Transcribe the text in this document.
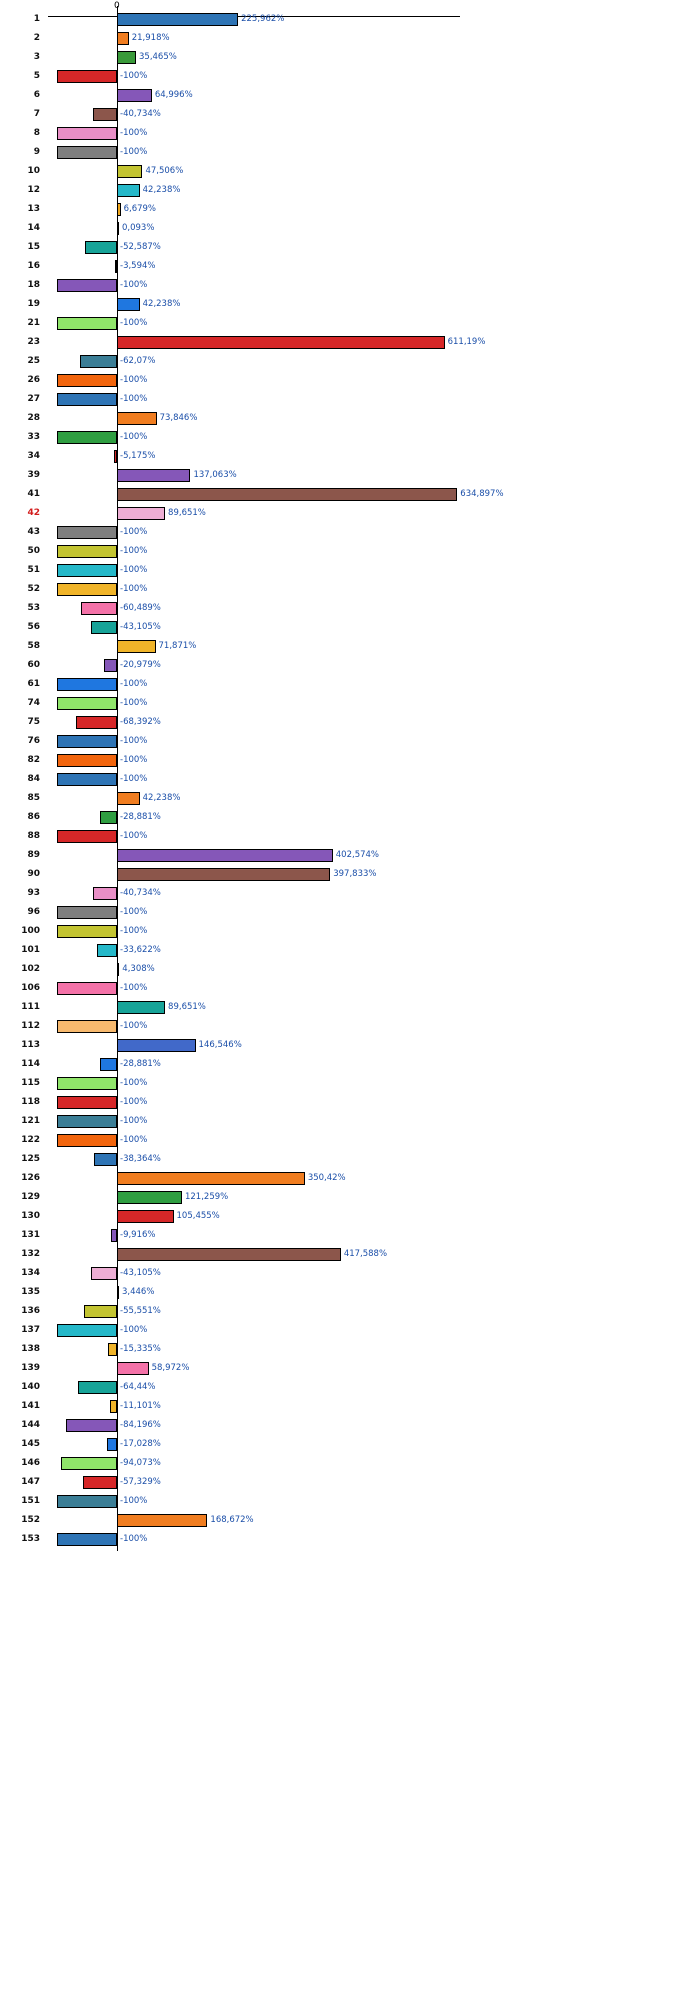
0
1	225,962%
2	21,918%
3	35,465%
5	-100%
6	64,996%
7	-40,734%
8	-100%
9	-100%
10	47,506%
12	42,238%
13	6,679%
14	0,093%
15	-52,587%
16	-3,594%
18	-100%
19	42,238%
21	-100%
23	611,19%
25	-62,07%
26	-100%
27	-100%
28	73,846%
33	-100%
34	-5,175%
39	137,063%
41	634,897%
42	89,651%
43	-100%
50	-100%
51	-100%
52	-100%
53	-60,489%
56	-43,105%
58	71,871%
60	-20,979%
61	-100%
74	-100%
75	-68,392%
76	-100%
82	-100%
84	-100%
85	42,238%
86	-28,881%
88	-100%
89	402,574%
90	397,833%
93	-40,734%
96	-100%
100	-100%
101	-33,622%
102	4,308%
106	-100%
111	89,651%
112	-100%
113	146,546%
114	-28,881%
115	-100%
118	-100%
121	-100%
122	-100%
125	-38,364%
126	350,42%
129	121,259%
130	105,455%
131	-9,916%
132	417,588%
134	-43,105%
135	3,446%
136	-55,551%
137	-100%
138	-15,335%
139	58,972%
140	-64,44%
141	-11,101%
144	-84,196%
145	-17,028%
146	-94,073%
147	-57,329%
151	-100%
152	168,672%
153	-100%
